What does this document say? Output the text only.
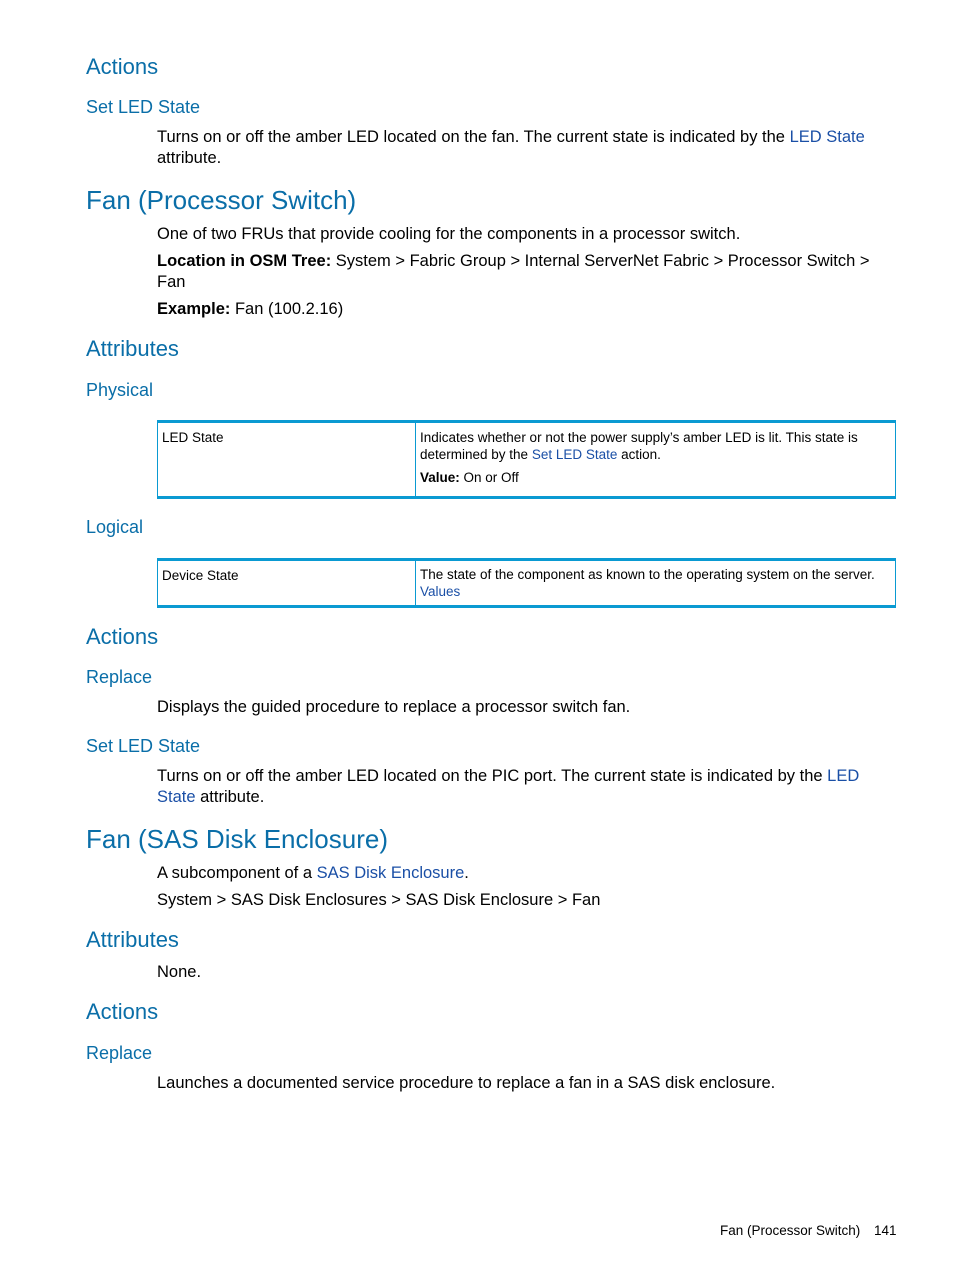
Actions
Set LED State
Turns on or off the amber LED located on the fan. The current state is indicated by the LED State
attribute.
Fan (Processor Switch)
One of two FRUs that provide cooling for the components in a processor switch.
Location in OSM Tree: System > Fabric Group > Internal ServerNet Fabric > Processor Switch >
Fan
Example: Fan (100.2.16)
Attributes
Physical
LED State	Indicates whether or not the power supply’s amber LED is lit. This state is
determined by the Set LED State action.
Value: On or Off
Logical
Device State	The state of the component as known to the operating system on the server.
Values
Actions
Replace
Displays the guided procedure to replace a processor switch fan.
Set LED State
Turns on or off the amber LED located on the PIC port. The current state is indicated by the LED
State attribute.
Fan (SAS Disk Enclosure)
A subcomponent of a SAS Disk Enclosure.
System > SAS Disk Enclosures > SAS Disk Enclosure > Fan
Attributes
None.
Actions
Replace
Launches a documented service procedure to replace a fan in a SAS disk enclosure.
Fan (Processor Switch) 141
